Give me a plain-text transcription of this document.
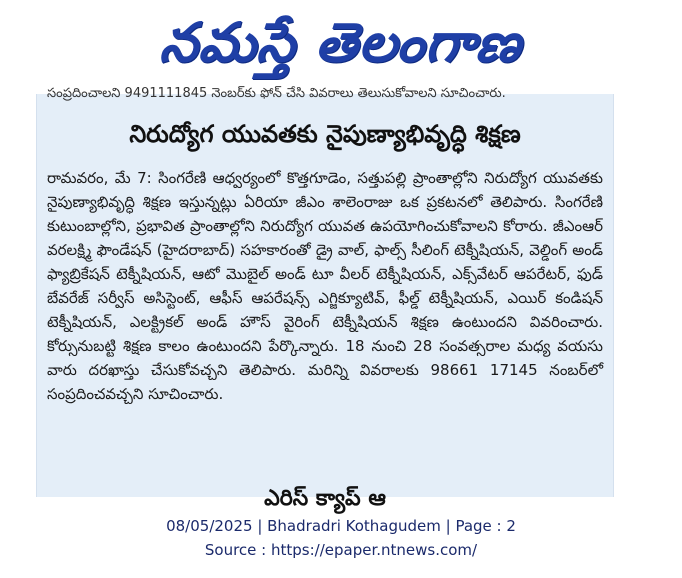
నమస్తే తెలంగాణ
సంప్రదించాలని 9491111845 నెంబర్‌కు ఫోన్ చేసి వివరాలు తెలుసుకోవాలని సూచించారు.
నిరుద్యోగ యువతకు నైపుణ్యాభివృద్ధి శిక్షణ

రామవరం, మే 7: సింగరేణి ఆధ్వర్యంలో కొత్తగూడెం, సత్తుపల్లి ప్రాంతాల్లోని నిరుద్యోగ యువతకు నైపుణ్యాభివృద్ధి శిక్షణ ఇస్తున్నట్లు ఏరియా జీఎం శాలెంరాజు ఒక ప్రకటనలో తెలిపారు. సింగరేణి కుటుంబాల్లోని, ప్రభావిత ప్రాంతాల్లోని నిరుద్యోగ యువత ఉపయోగించుకోవాలని కోరారు. జీఎంఆర్ వరలక్ష్మి ఫౌండేషన్ (హైదరాబాద్) సహకారంతో డ్రై వాల్, ఫాల్స్ సీలింగ్ టెక్నీషియన్, వెల్డింగ్ అండ్ ఫ్యాబ్రికేషన్ టెక్నీషియన్, ఆటో మొబైల్ అండ్ టూ వీలర్ టెక్నీషియన్, ఎక్స్‌వేటర్ ఆపరేటర్, ఫుడ్ బేవరేజ్ సర్వీస్ అసిస్టెంట్, ఆఫీస్ ఆపరేషన్స్ ఎగ్జిక్యూటివ్, ఫీల్డ్ టెక్నీషియన్, ఎయిర్ కండిషన్ టెక్నీషియన్, ఎలక్ట్రికల్ అండ్ హౌస్ వైరింగ్ టెక్నీషియన్ శిక్షణ ఉంటుందని వివరించారు. కోర్సునుబట్టి శిక్షణ కాలం ఉంటుందని పేర్కొన్నారు. 18 నుంచి 28 సంవత్సరాల మధ్య వయసు వారు దరఖాస్తు చేసుకోవచ్చని తెలిపారు. మరిన్ని వివరాలకు 98661 17145 నంబర్‌లో సంప్రదించవచ్చని సూచించారు.

ఎరిస్ క్యాప్ ఆ
08/05/2025 | Bhadradri Kothagudem | Page : 2
Source : https://epaper.ntnews.com/
